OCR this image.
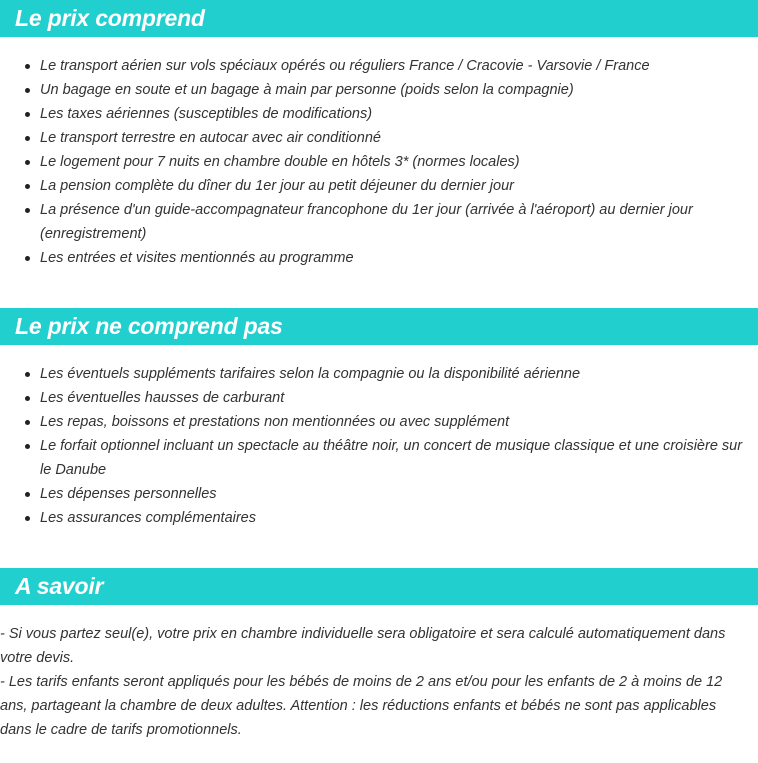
Le prix comprend
Le transport aérien sur vols spéciaux opérés ou réguliers France / Cracovie - Varsovie / France
Un bagage en soute et un bagage à main par personne (poids selon la compagnie)
Les taxes aériennes (susceptibles de modifications)
Le transport terrestre en autocar avec air conditionné
Le logement pour 7 nuits en chambre double en hôtels 3* (normes locales)
La pension complète du dîner du 1er jour au petit déjeuner du dernier jour
La présence d'un guide-accompagnateur francophone du 1er jour (arrivée à l'aéroport) au dernier jour (enregistrement)
Les entrées et visites mentionnés au programme
Le prix ne comprend pas
Les éventuels suppléments tarifaires selon la compagnie ou la disponibilité aérienne
Les éventuelles hausses de carburant
Les repas, boissons et prestations non mentionnées ou avec supplément
Le forfait optionnel incluant un spectacle au théâtre noir, un concert de musique classique et une croisière sur le Danube
Les dépenses personnelles
Les assurances complémentaires
A savoir

- Si vous partez seul(e), votre prix en chambre individuelle sera obligatoire et sera calculé automatiquement dans votre devis.

- Les tarifs enfants seront appliqués pour les bébés de moins de 2 ans et/ou pour les enfants de 2 à moins de 12 ans, partageant la chambre de deux adultes. Attention : les réductions enfants et bébés ne sont pas applicables dans le cadre de tarifs promotionnels.
